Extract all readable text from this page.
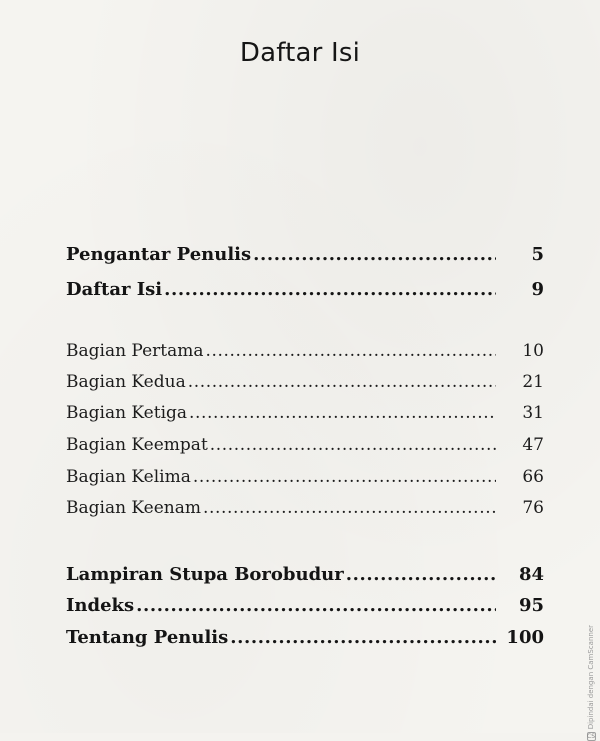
Daftar Isi
Pengantar Penulis .....	5
Daftar Isi .....	9
Bagian Pertama .....	10
Bagian Kedua .....	21
Bagian Ketiga .....	31
Bagian Keempat .....	47
Bagian Kelima .....	66
Bagian Keenam .....	76
Lampiran Stupa Borobudur .....	84
Indeks .....	95
Tentang Penulis .....	100	Dipindai dengan CamScanner
CS
